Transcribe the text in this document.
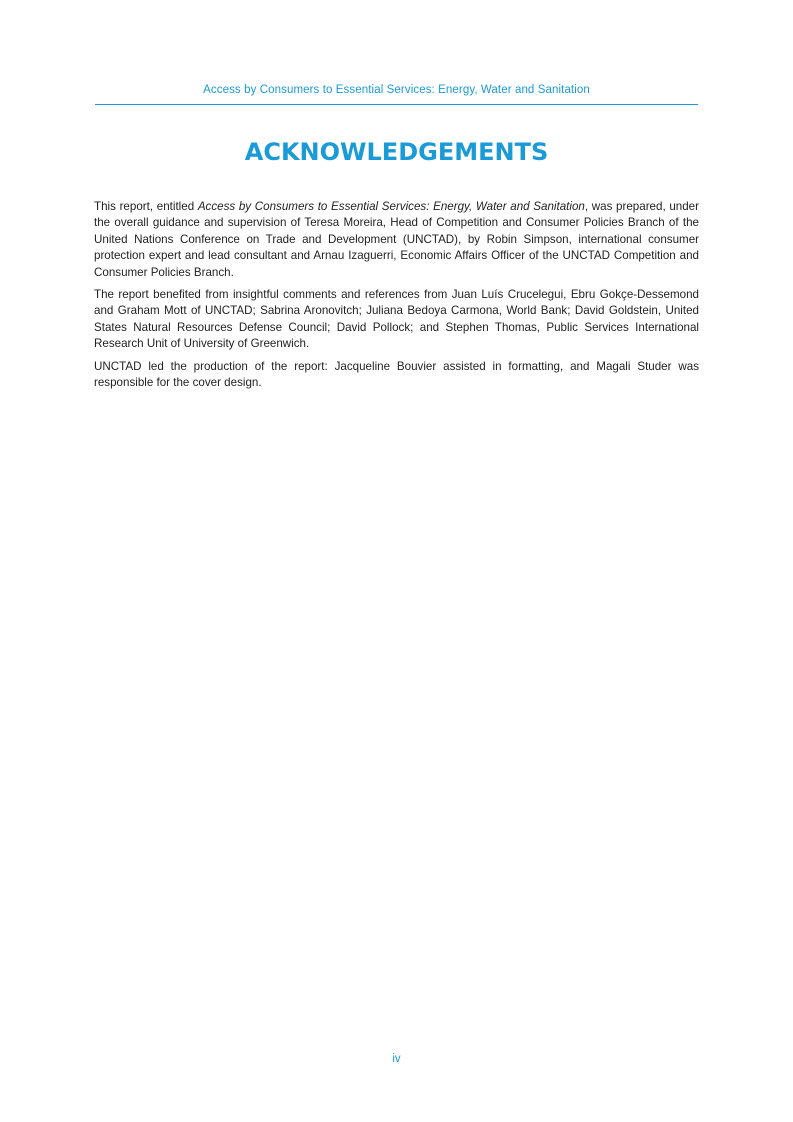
Access by Consumers to Essential Services: Energy, Water and Sanitation
ACKNOWLEDGEMENTS

This report, entitled Access by Consumers to Essential Services: Energy, Water and Sanitation, was prepared, under the overall guidance and supervision of Teresa Moreira, Head of Competition and Consumer Policies Branch of the United Nations Conference on Trade and Development (UNCTAD), by Robin Simpson, international consumer protection expert and lead consultant and Arnau Izaguerri, Economic Affairs Officer of the UNCTAD Competition and Consumer Policies Branch.

The report benefited from insightful comments and references from Juan Luís Crucelegui, Ebru Gokçe-Dessemond and Graham Mott of UNCTAD; Sabrina Aronovitch; Juliana Bedoya Carmona, World Bank; David Goldstein, United States Natural Resources Defense Council; David Pollock; and Stephen Thomas, Public Services International Research Unit of University of Greenwich.

UNCTAD led the production of the report: Jacqueline Bouvier assisted in formatting, and Magali Studer was responsible for the cover design.

iv
